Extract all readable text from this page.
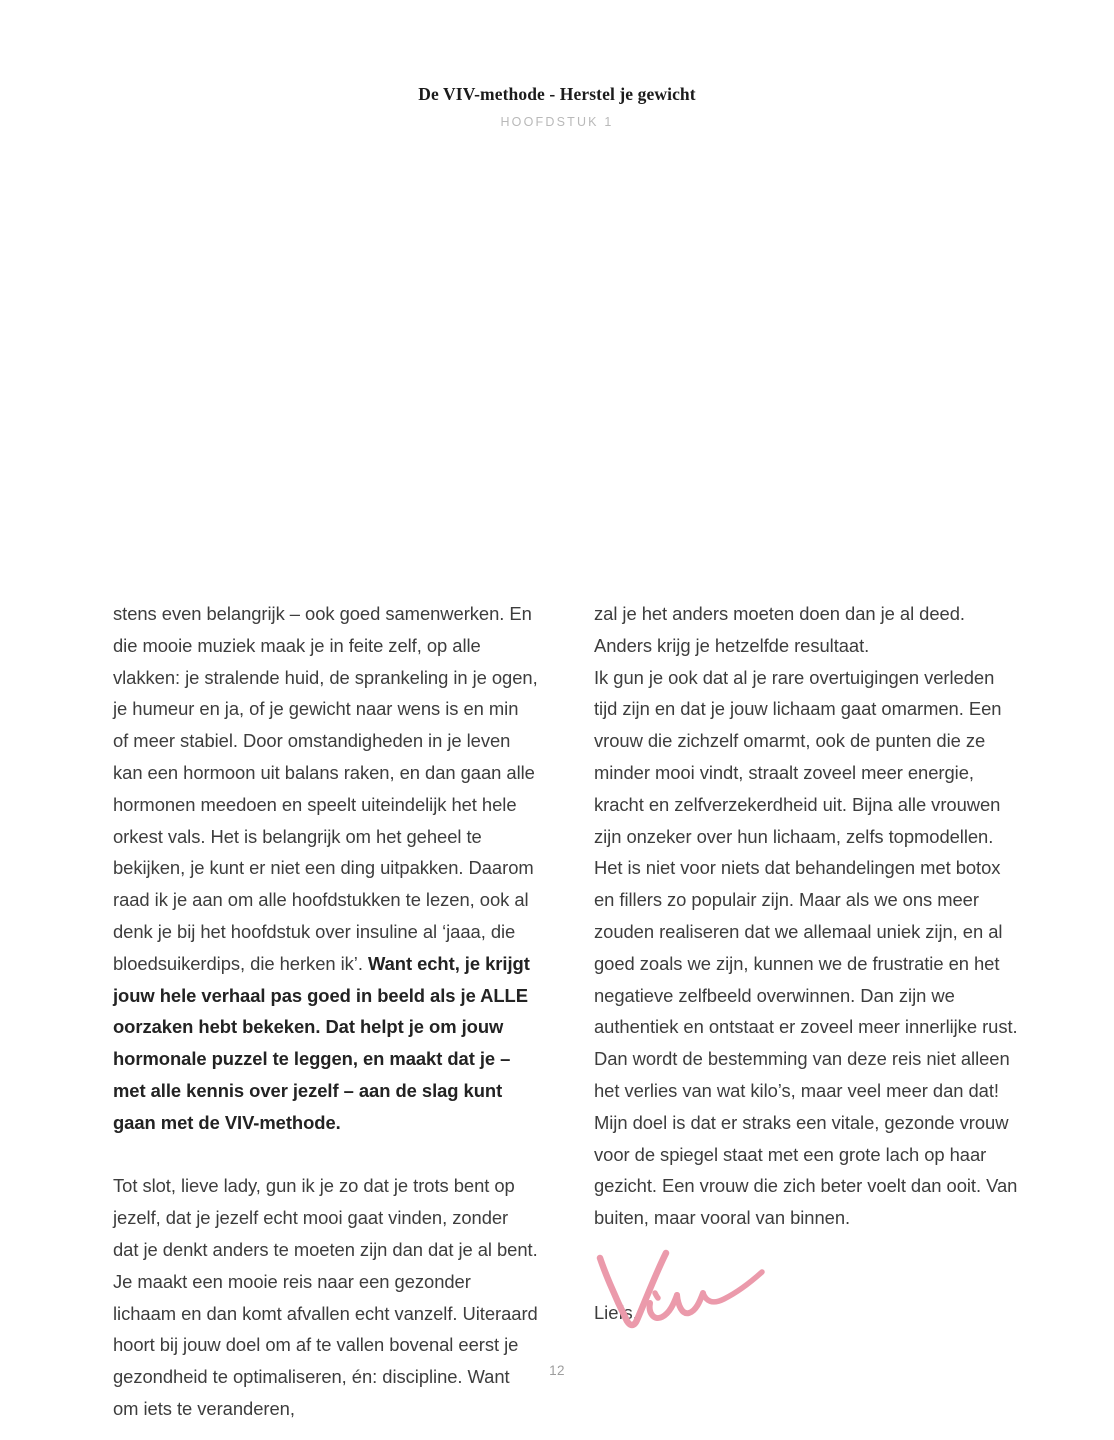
De VIV-methode - Herstel je gewicht
HOOFDSTUK 1

stens even belangrijk – ook goed samenwerken. En die mooie muziek maak je in feite zelf, op alle vlakken: je stralende huid, de sprankeling in je ogen, je humeur en ja, of je gewicht naar wens is en min of meer stabiel. Door omstandigheden in je leven kan een hormoon uit balans raken, en dan gaan alle hormonen meedoen en speelt uiteindelijk het hele orkest vals. Het is belangrijk om het geheel te bekijken, je kunt er niet een ding uitpakken. Daarom raad ik je aan om alle hoofdstukken te lezen, ook al denk je bij het hoofdstuk over insuline al ‘jaaa, die bloedsuikerdips, die herken ik’. Want echt, je krijgt jouw hele verhaal pas goed in beeld als je ALLE oorzaken hebt bekeken. Dat helpt je om jouw hormonale puzzel te leggen, en maakt dat je – met alle kennis over jezelf – aan de slag kunt gaan met de VIV-methode.

Tot slot, lieve lady, gun ik je zo dat je trots bent op jezelf, dat je jezelf echt mooi gaat vinden, zonder dat je denkt anders te moeten zijn dan dat je al bent. Je maakt een mooie reis naar een gezonder lichaam en dan komt afvallen echt vanzelf. Uiteraard hoort bij jouw doel om af te vallen bovenal eerst je gezondheid te optimaliseren, én: discipline. Want om iets te veranderen,

zal je het anders moeten doen dan je al deed. Anders krijg je hetzelfde resultaat.

Ik gun je ook dat al je rare overtuigingen verleden tijd zijn en dat je jouw lichaam gaat omarmen. Een vrouw die zichzelf omarmt, ook de punten die ze minder mooi vindt, straalt zoveel meer energie, kracht en zelfverzekerdheid uit. Bijna alle vrouwen zijn onzeker over hun lichaam, zelfs topmodellen. Het is niet voor niets dat behandelingen met botox en fillers zo populair zijn. Maar als we ons meer zouden realiseren dat we allemaal uniek zijn, en al goed zoals we zijn, kunnen we de frustratie en het negatieve zelfbeeld overwinnen. Dan zijn we authentiek en ontstaat er zoveel meer innerlijke rust. Dan wordt de bestemming van deze reis niet alleen het verlies van wat kilo’s, maar veel meer dan dat! Mijn doel is dat er straks een vitale, gezonde vrouw voor de spiegel staat met een grote lach op haar gezicht. Een vrouw die zich beter voelt dan ooit. Van buiten, maar vooral van binnen.

Liefs,

12
